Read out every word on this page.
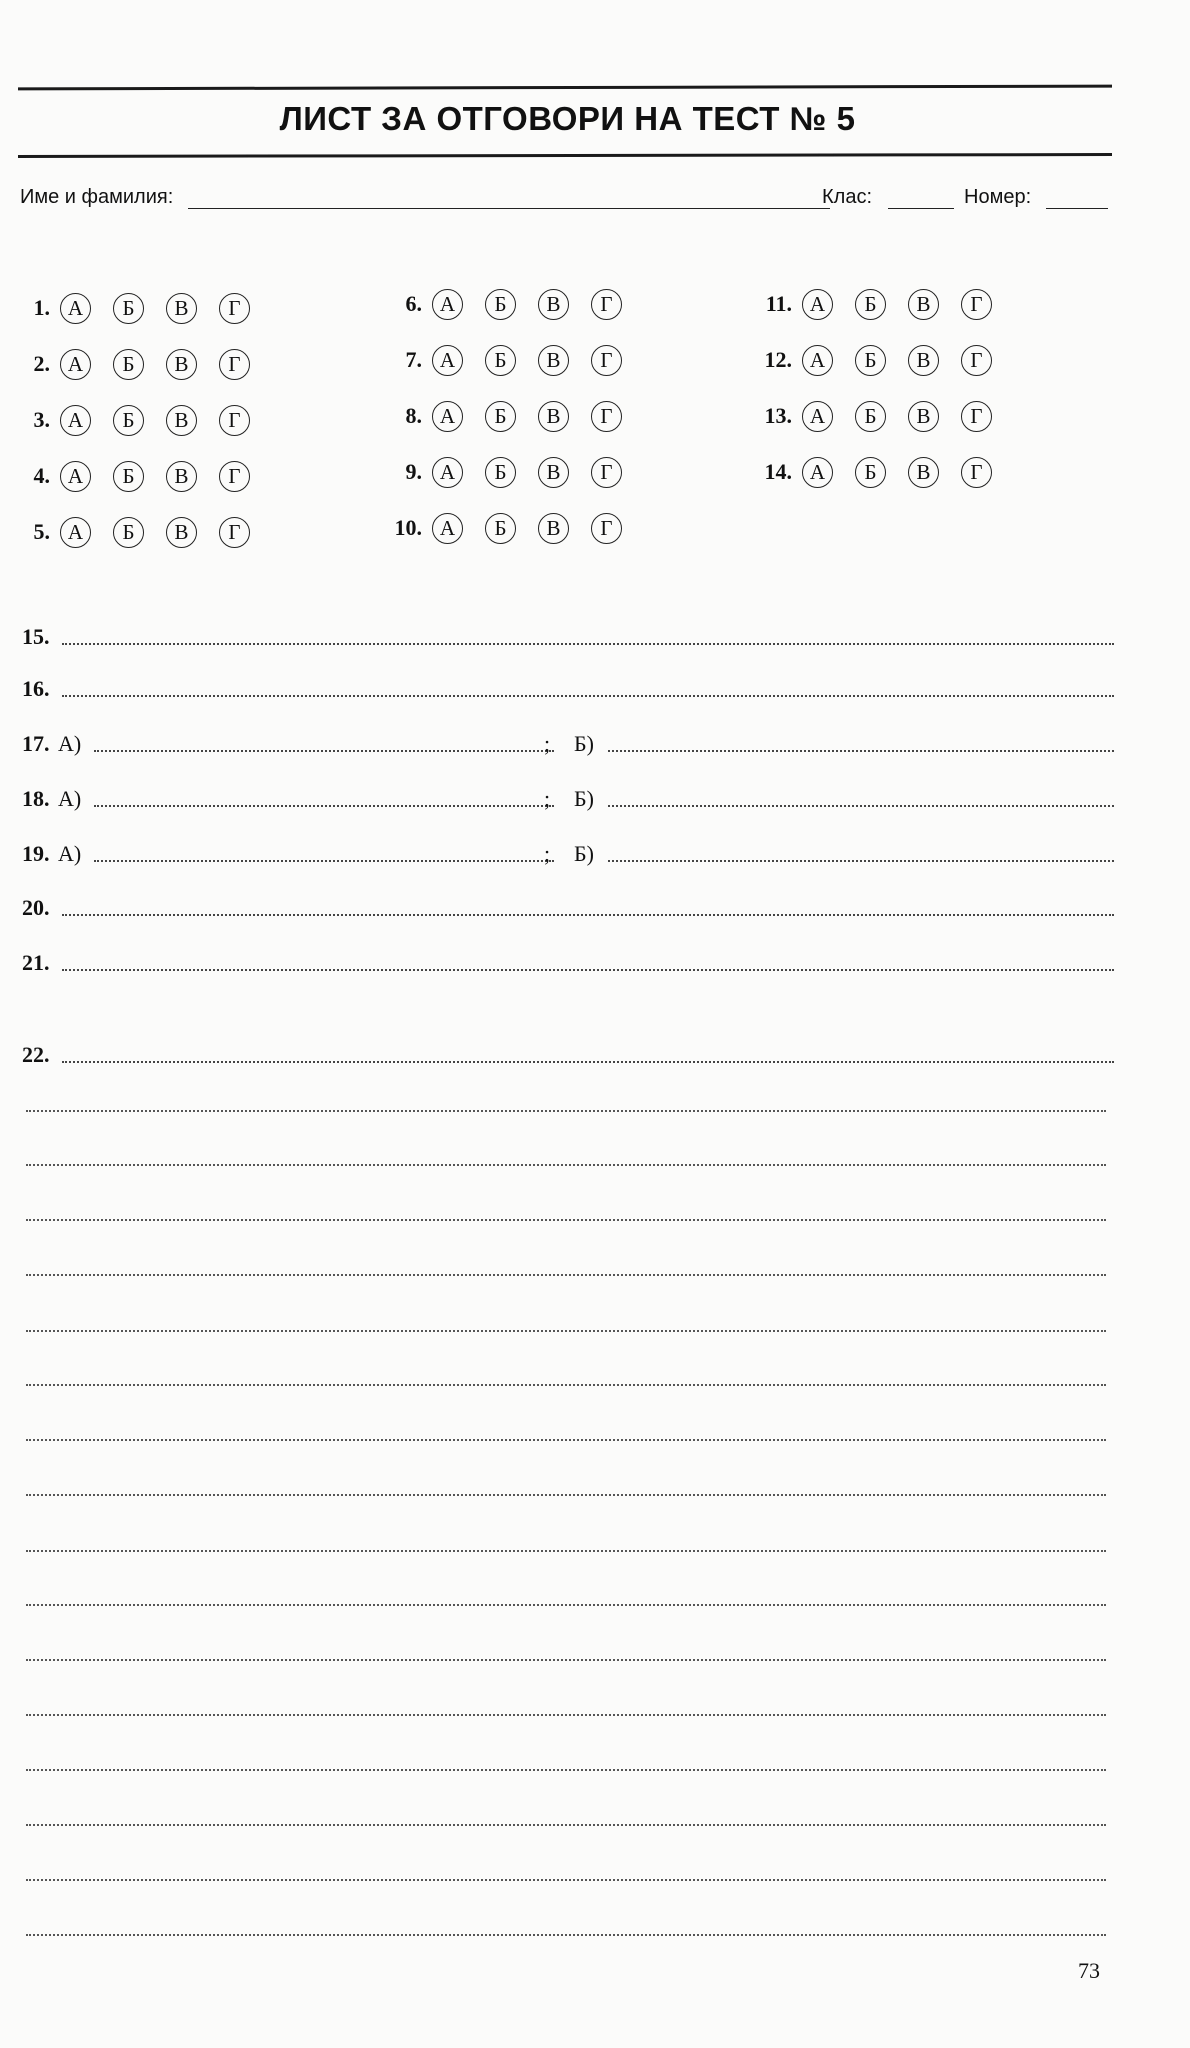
ЛИСТ ЗА ОТГОВОРИ НА ТЕСТ № 5
Име и фамилия:	Клас:	Номер:
1. А	Б	В	Г
2. А	Б	В	Г
3. А	Б	В	Г
4. А	Б	В	Г
5. А	Б	В	Г
6. А	Б	В	Г
7. А	Б	В	Г
8. А	Б	В	Г
9. А	Б	В	Г
10. А	Б	В	Г
11. А	Б	В	Г
12. А	Б	В	Г
13. А	Б	В	Г
14. А	Б	В	Г
15.
16.
17. А)	; Б)
18. А)	; Б)
19. А)	; Б)
20.
21.
22.
73
